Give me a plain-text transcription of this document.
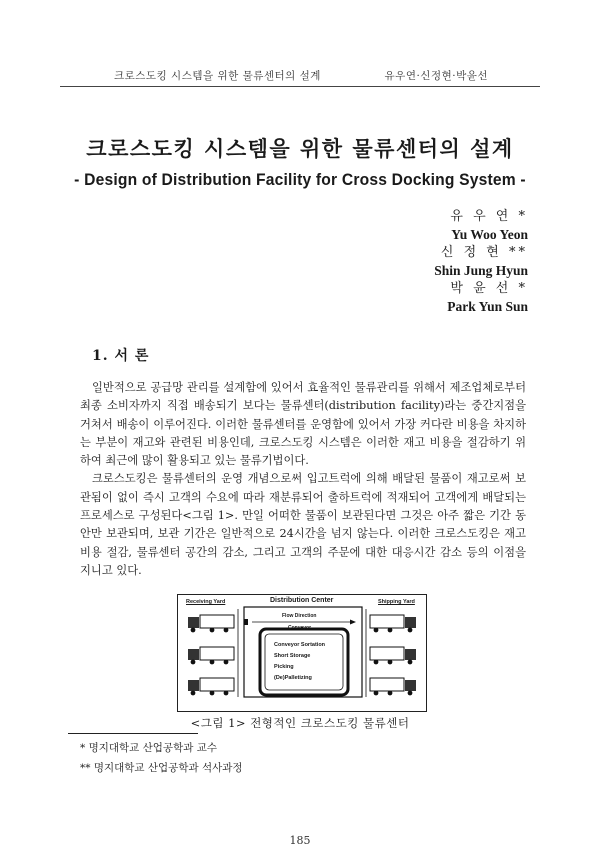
크로스도킹 시스템을 위한 물류센터의 설계	유우연·신정현·박윤선
크로스도킹 시스템을 위한 물류센터의 설계
- Design of Distribution Facility for Cross Docking System -
유 우 연 *
Yu Woo Yeon
신 정 현 **
Shin Jung Hyun
박 윤 선 *
Park Yun Sun
1. 서 론

일반적으로 공급망 관리를 설계함에 있어서 효율적인 물류관리를 위해서 제조업체로부터 최종 소비자까지 직접 배송되기 보다는 물류센터(distribution facility)라는 중간지점을 거쳐서 배송이 이루어진다. 이러한 물류센터를 운영함에 있어서 가장 커다란 비용을 차지하는 부분이 재고와 관련된 비용인데, 크로스도킹 시스템은 이러한 재고 비용을 절감하기 위하여 최근에 많이 활용되고 있는 물류기법이다.

크로스도킹은 물류센터의 운영 개념으로써 입고트럭에 의해 배달된 물품이 재고로써 보관됨이 없이 즉시 고객의 수요에 따라 재분류되어 출하트럭에 적재되어 고객에게 배달되는 프로세스로 구성된다<그림 1>. 만일 어떠한 물품이 보관된다면 그것은 아주 짧은 기간 동안만 보관되며, 보관 기간은 일반적으로 24시간을 넘지 않는다. 이러한 크로스도킹은 재고 비용 절감, 물류센터 공간의 감소, 그리고 고객의 주문에 대한 대응시간 감소 등의 이점을 지니고 있다.

Receiving Yard	Distribution Center	Shipping Yard
Flow Direction
Conveyor
Conveyor Sortation
Short Storage
Picking
(De)Palletizing
<그림 1> 전형적인 크로스도킹 물류센터
* 명지대학교 산업공학과 교수
** 명지대학교 산업공학과 석사과정
185
